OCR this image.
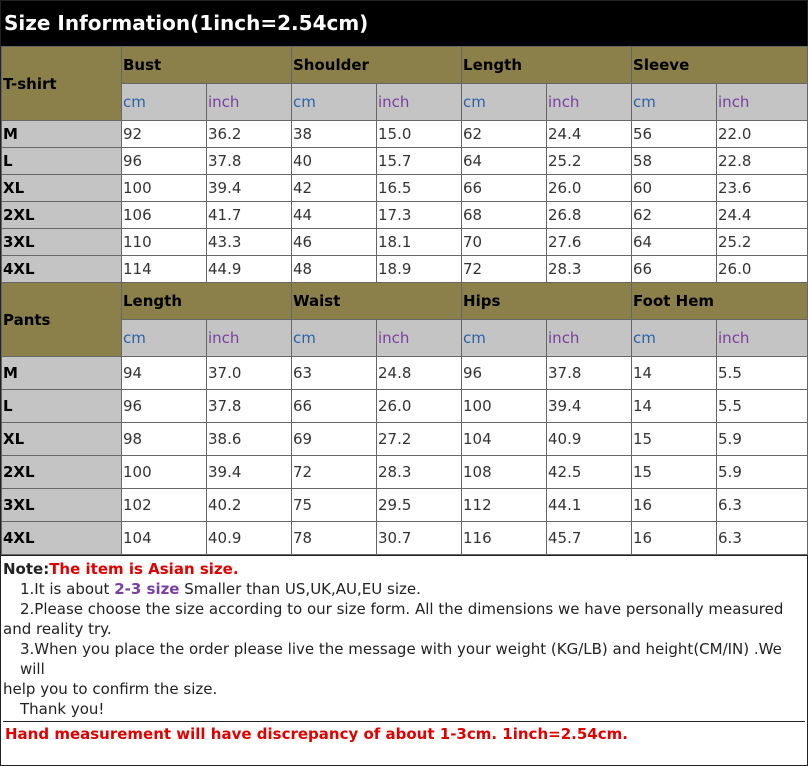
Size Information(1inch=2.54cm)
T-shirt	Bust		Shoulder		Length		Sleeve	
	cm	inch	cm	inch	cm	inch	cm	inch
M	92	36.2	38	15.0	62	24.4	56	22.0
L	96	37.8	40	15.7	64	25.2	58	22.8
XL	100	39.4	42	16.5	66	26.0	60	23.6
2XL	106	41.7	44	17.3	68	26.8	62	24.4
3XL	110	43.3	46	18.1	70	27.6	64	25.2
4XL	114	44.9	48	18.9	72	28.3	66	26.0
Pants	Length		Waist		Hips		Foot Hem	
	cm	inch	cm	inch	cm	inch	cm	inch
M	94	37.0	63	24.8	96	37.8	14	5.5
L	96	37.8	66	26.0	100	39.4	14	5.5
XL	98	38.6	69	27.2	104	40.9	15	5.9
2XL	100	39.4	72	28.3	108	42.5	15	5.9
3XL	102	40.2	75	29.5	112	44.1	16	6.3
4XL	104	40.9	78	30.7	116	45.7	16	6.3
Note:The item is Asian size.
1.It is about 2-3 size Smaller than US,UK,AU,EU size.
2.Please choose the size according to our size form. All the dimensions we have personally measured
and reality try.
3.When you place the order please live the message with your weight (KG/LB) and height(CM/IN) .We will
help you to confirm the size.
Thank you!
Hand measurement will have discrepancy of about 1-3cm. 1inch=2.54cm.
